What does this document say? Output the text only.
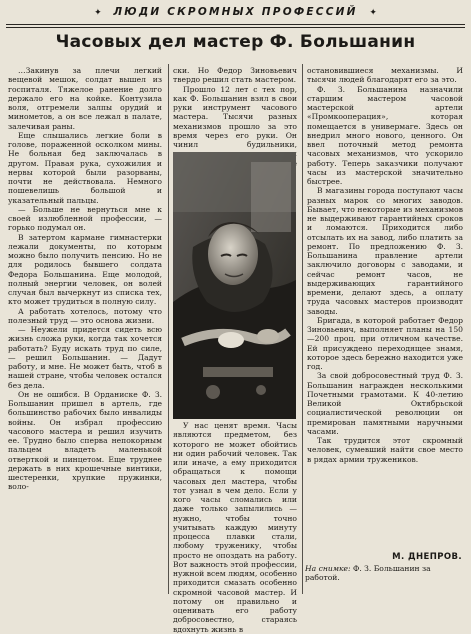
✦ ЛЮДИ СКРОМНЫХ ПРОФЕССИЙ ✦
Часовых дел мастер Ф. Большанин

…Закинув за плечи легкий вещевой мешок, солдат вышел из госпиталя. Тяжелое ранение долго держало его на койке. Контузила воля, отгремели залпы орудий и минометов, а он все лежал в палате, залечивая раны.

Еще слышались легкие боли в голове, пораженной осколком мины. Не больная бед заключалась в другом. Правая рука, сухожилия и нервы которой были разорваны, почти не действовала. Немного пошевелишь большой и указательный пальцы.

— Больше не вернуться мне к своей излюбленной профессии, — горько подумал он.

В затертом кармане гимнастерки лежали документы, по которым можно было получить пенсию. Но не для родилось бывшего солдата Федора Большанина. Еще молодой, полный энергии человек, он волей случая был вычеркнут из списка тех, кто может трудиться в полную силу.

А работать хотелось, потому что полезный труд — это основа жизни.

— Неужели придется сидеть всю жизнь сложа руки, когда так хочется работать? Буду искать труд по силе, — решил Большанин. — Дадут работу, и мне. Не может быть, чтоб в нашей стране, чтобы человек остался без дела.

Он не ошибся. В Орданиске Ф. З. Большанин пришел в артель, где большинство рабочих было инвалиды войны. Он избрал профессию часового мастера и решил изучить ее. Трудно было сперва непокорным пальцем владеть маленькой отверткой и пинцетом. Еще труднее держать в них крошечные винтики, шестеренки, хрупкие пружинки, воло-

ски. Но Федор Зиновьевич твердо решил стать мастером.

Прошло 12 лет с тех пор, как Ф. Большанин взял в свои руки инструмент часового мастера. Тысячи разных механизмов прошло за это время через его руки. Он чинил будильники,

У нас ценят время. Часы являются предметом, без которого не может обойтись ни один рабочий человек. Так или иначе, а ему приходится обращаться к помощи часовых дел мастера, чтобы тот узнал в чем дело. Если у кого часы сломались или даже только запылились — нужно, чтобы точно учитывать каждую минуту процесса плавки стали, любому труженику, чтобы просто не опоздать на работу. Вот важность этой профессии, нужной всем людям, особенно приходится смазать особенно скромной часовой мастер. И потому он правильно и оценивать его работу добросовестно, стараясь вдохнуть жизнь в

остановившиеся механизмы. И тысячи людей благодарят его за это.

Ф. З. Большанина назначили старшим мастером часовой мастерской артели «Промкооперация», которая помещается в универмаге. Здесь он внедрил много нового, ценного. Он ввел поточный метод ремонта часовых механизмов, что ускорило работу. Теперь заказчики получают часы из мастерской значительно быстрее.

В магазины города поступают часы разных марок со многих заводов. Бывает, что некоторые из механизмов не выдерживают гарантийных сроков и ломаются. Приходится либо отсылать их на завод, либо платить за ремонт. По предложению Ф. З. Большанина правление артели заключило договоры с заводами, и сейчас ремонт часов, не выдерживающих гарантийного времени, делают здесь, а оплату труда часовых мастеров производят заводы.

Бригада, в которой работает Федор Зиновьевич, выполняет планы на 150—200 проц. при отличном качестве. Ей присуждено переходящее знамя, которое здесь бережно находится уже год.

За свой добросовестный труд Ф. З. Большанин награжден несколькими Почетными грамотами. К 40-летию Великой Октябрьской социалистической революции он премирован памятными наручными часами.

Так трудится этот скромный человек, сумевший найти свое место в рядах армии тружеников.

М. ДНЕПРОВ.
На снимке: Ф. З. Большанин за работой.
